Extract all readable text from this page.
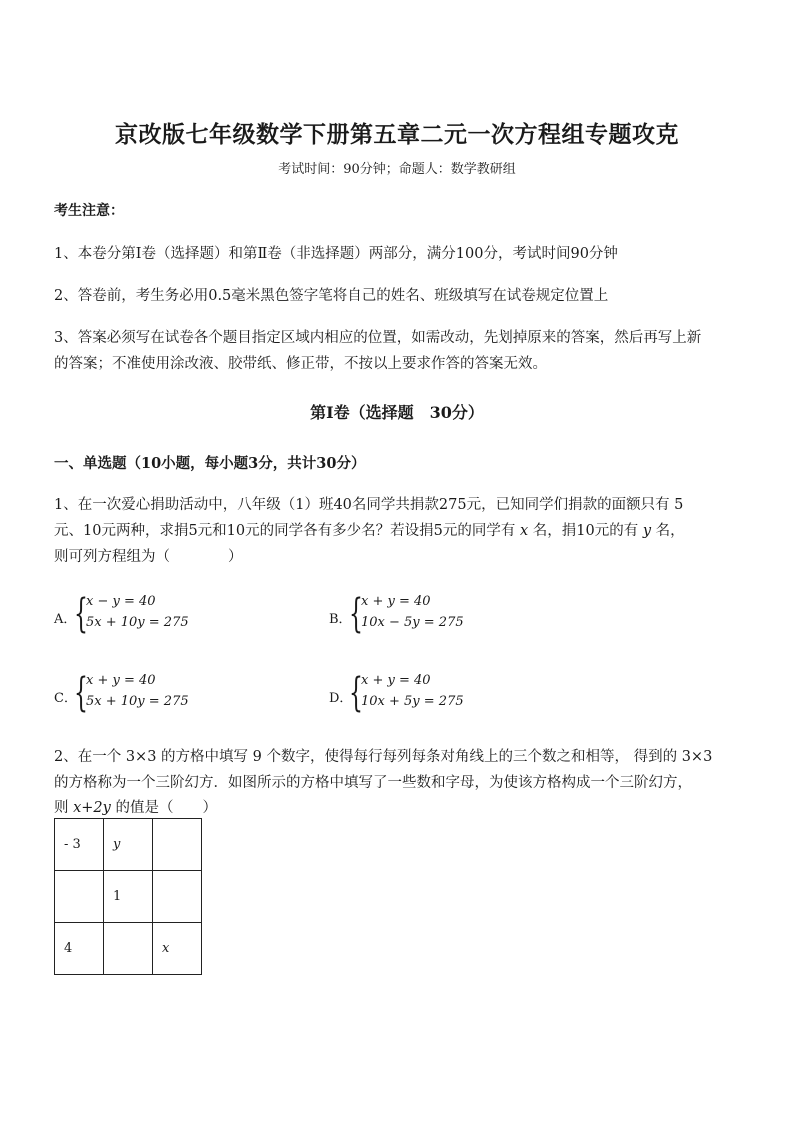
京改版七年级数学下册第五章二元一次方程组专题攻克
考试时间：90分钟；命题人：数学教研组
考生注意：
1、本卷分第Ⅰ卷（选择题）和第Ⅱ卷（非选择题）两部分，满分100分，考试时间90分钟
2、答卷前，考生务必用0.5毫米黑色签字笔将自己的姓名、班级填写在试卷规定位置上
3、答案必须写在试卷各个题目指定区域内相应的位置，如需改动，先划掉原来的答案，然后再写上新
的答案；不准使用涂改液、胶带纸、修正带，不按以上要求作答的答案无效。
第Ⅰ卷（选择题　30分）
一、单选题（10小题，每小题3分，共计30分）
1、在一次爱心捐助活动中，八年级（1）班40名同学共捐款275元，已知同学们捐款的面额只有 5
元、10元两种，求捐5元和10元的同学各有多少名？若设捐5元的同学有 x 名，捐10元的有 y 名，
则可列方程组为（　　　　）
A．
{
x − y = 40
5x + 10y = 275	B．
{
x + y = 40
10x − 5y = 275
C．
{
x + y = 40
5x + 10y = 275	D．
{
x + y = 40
10x + 5y = 275
2、在一个 3×3 的方格中填写 9 个数字，使得每行每列每条对角线上的三个数之和相等， 得到的 3×3
的方格称为一个三阶幻方．如图所示的方格中填写了一些数和字母，为使该方格构成一个三阶幻方，
则 x+2y 的值是（　　）
- 3	y	
	1	
4		x
